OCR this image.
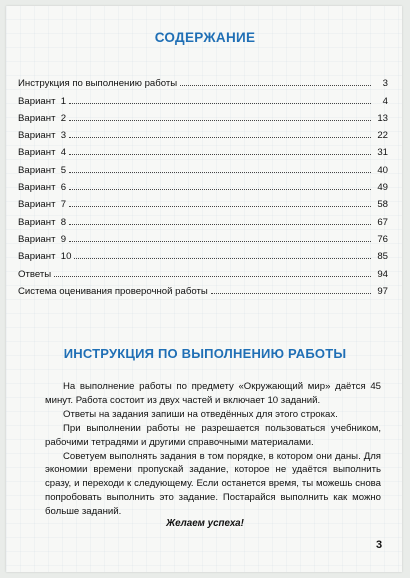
СОДЕРЖАНИЕ
Инструкция по выполнению работы	3
Вариант  1	4
Вариант  2	13
Вариант  3	22
Вариант  4	31
Вариант  5	40
Вариант  6	49
Вариант  7	58
Вариант  8	67
Вариант  9	76
Вариант  10	85
Ответы	94
Система оценивания проверочной работы	97
ИНСТРУКЦИЯ ПО ВЫПОЛНЕНИЮ РАБОТЫ

На выполнение работы по предмету «Окружающий мир» даётся 45 минут. Работа состоит из двух частей и включает 10 заданий.

Ответы на задания запиши на отведённых для этого строках.

При выполнении работы не разрешается пользоваться учебником, рабочими тетрадями и другими справочными материалами.

Советуем выполнять задания в том порядке, в котором они даны. Для экономии времени пропускай задание, которое не удаётся выполнить сразу, и переходи к следующему. Если останется время, ты можешь снова попробовать выполнить это задание. Постарайся выполнить как можно больше заданий.

Желаем успеха!
3
